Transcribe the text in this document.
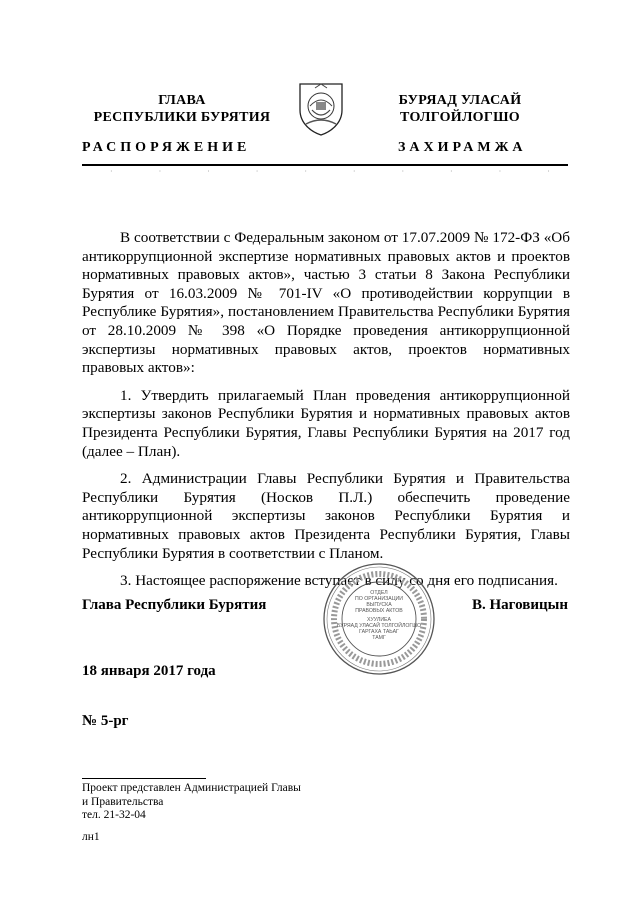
ГЛАВА
РЕСПУБЛИКИ БУРЯТИЯ
РАСПОРЯЖЕНИЕ
БУРЯАД УЛАСАЙ
ТОЛГОЙЛОГШО
ЗАХИРАМЖА
·	·	·	·	·	·	·	·	·	·

В соответствии с Федеральным законом от 17.07.2009 № 172-ФЗ «Об антикоррупционной экспертизе нормативных правовых актов и проектов нормативных правовых актов», частью 3 статьи 8 Закона Республики Бурятия от 16.03.2009 № 701-IV «О противодействии коррупции в Республике Бурятия», постановлением Правительства Республики Бурятия от 28.10.2009 № 398 «О Порядке проведения антикоррупционной экспертизы нормативных правовых актов, проектов нормативных правовых актов»:

1. Утвердить прилагаемый План проведения антикоррупционной экспертизы законов Республики Бурятия и нормативных правовых актов Президента Республики Бурятия, Главы Республики Бурятия на 2017 год (далее – План).

2. Администрации Главы Республики Бурятия и Правительства Республики Бурятия (Носков П.Л.) обеспечить проведение антикоррупционной экспертизы законов Республики Бурятия и нормативных правовых актов Президента Республики Бурятия, Главы Республики Бурятия в соответствии с Планом.

3. Настоящее распоряжение вступает в силу со дня его подписания.

Глава Республики Бурятия	В. Наговицын
ОТДЕЛ
ПО ОРГАНИЗАЦИИ
ВЫПУСКА
ПРАВОВЫХ АКТОВ
ХУУЛИЕА
БУРЯАД УЛАСАЙ ТОЛГОЙЛОГШО
ГАРГАХА ТАЬАГ
ТАМГ
18 января 2017 года
№ 5-рг
Проект представлен Администрацией Главы
и Правительства
тел. 21-32-04
лн1
